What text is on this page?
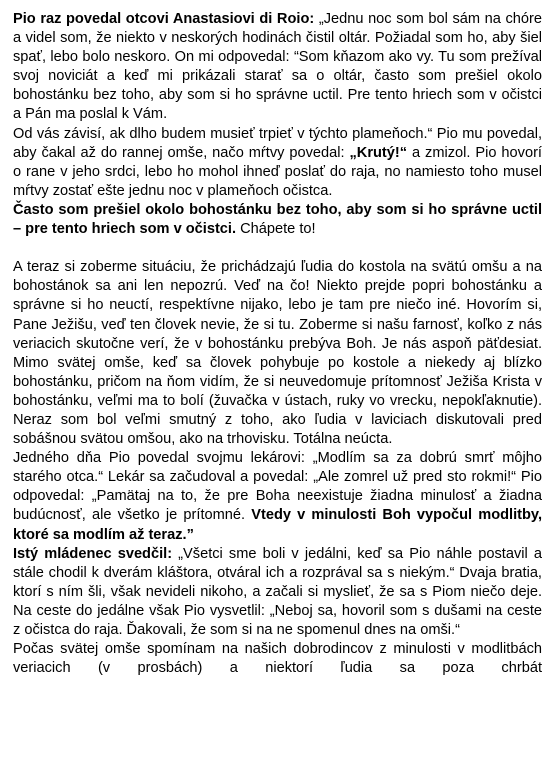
Pio raz povedal otcovi Anastasiovi di Roio: „Jednu noc som bol sám na chóre a videl som, že niekto v neskorých hodinách čistil oltár. Požiadal som ho, aby šiel spať, lebo bolo neskoro. On mi odpovedal: “Som kňazom ako vy. Tu som prežíval svoj noviciát a keď mi prikázali starať sa o oltár, často som prešiel okolo bohostánku bez toho, aby som si ho správne uctil. Pre tento hriech som v očistci a Pán ma poslal k Vám.

Od vás závisí, ak dlho budem musieť trpieť v týchto plameňoch.“ Pio mu povedal, aby čakal až do rannej omše, načo mŕtvy povedal: „Krutý!“ a zmizol. Pio hovorí o rane v jeho srdci, lebo ho mohol ihneď poslať do raja, no namiesto toho musel mŕtvy zostať ešte jednu noc v plameňoch očistca.

Často som prešiel okolo bohostánku bez toho, aby som si ho správne uctil – pre tento hriech som v očistci. Chápete to!

A teraz si zoberme situáciu, že prichádzajú ľudia do kostola na svätú omšu a na bohostánok sa ani len nepozrú. Veď na čo! Niekto prejde popri bohostánku a správne si ho neuctí, respektívne nijako, lebo je tam pre niečo iné. Hovorím si, Pane Ježišu, veď ten človek nevie, že si tu. Zoberme si našu farnosť, koľko z nás veriacich skutočne verí, že v bohostánku prebýva Boh. Je nás aspoň päťdesiat. Mimo svätej omše, keď sa človek pohybuje po kostole a niekedy aj blízko bohostánku, pričom na ňom vidím, že si neuvedomuje prítomnosť Ježiša Krista v bohostánku, veľmi ma to bolí (žuvačka v ústach, ruky vo vrecku, nepokľaknutie). Neraz som bol veľmi smutný z toho, ako ľudia v laviciach diskutovali pred sobášnou svätou omšou, ako na trhovisku. Totálna neúcta.

Jedného dňa Pio povedal svojmu lekárovi: „Modlím sa za dobrú smrť môjho starého otca.“ Lekár sa začudoval a povedal: „Ale zomrel už pred sto rokmi!“ Pio odpovedal: „Pamätaj na to, že pre Boha neexistuje žiadna minulosť a žiadna budúcnosť, ale všetko je prítomné. Vtedy v minulosti Boh vypočul modlitby, ktoré sa modlím až teraz.”

Istý mládenec svedčil: „Všetci sme boli v jedálni, keď sa Pio náhle postavil a stále chodil k dverám kláštora, otváral ich a rozprával sa s niekým.“ Dvaja bratia, ktorí s ním šli, však nevideli nikoho, a začali si myslieť, že sa s Piom niečo deje. Na ceste do jedálne však Pio vysvetlil: „Neboj sa, hovoril som s dušami na ceste z očistca do raja. Ďakovali, že som si na ne spomenul dnes na omši.“

Počas svätej omše spomínam na našich dobrodincov z minulosti v modlitbách veriacich (v prosbách) a niektorí ľudia sa poza chrbát
